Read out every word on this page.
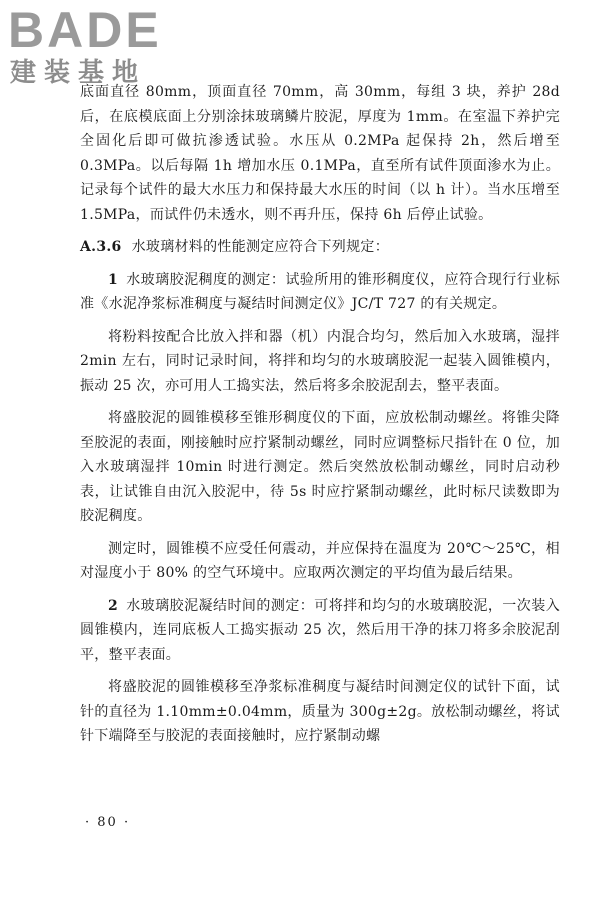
BADE
建装基地

底面直径 80mm，顶面直径 70mm，高 30mm，每组 3 块，养护 28d 后，在底模底面上分别涂抹玻璃鳞片胶泥，厚度为 1mm。在室温下养护完全固化后即可做抗渗透试验。水压从 0.2MPa 起保持 2h，然后增至 0.3MPa。以后每隔 1h 增加水压 0.1MPa，直至所有试件顶面渗水为止。记录每个试件的最大水压力和保持最大水压的时间（以 h 计）。当水压增至 1.5MPa，而试件仍未透水，则不再升压，保持 6h 后停止试验。

A.3.6 水玻璃材料的性能测定应符合下列规定：

1 水玻璃胶泥稠度的测定：试验所用的锥形稠度仪，应符合现行行业标准《水泥净浆标准稠度与凝结时间测定仪》JC/T 727 的有关规定。

将粉料按配合比放入拌和器（机）内混合均匀，然后加入水玻璃，湿拌 2min 左右，同时记录时间，将拌和均匀的水玻璃胶泥一起装入圆锥模内，振动 25 次，亦可用人工捣实法，然后将多余胶泥刮去，整平表面。

将盛胶泥的圆锥模移至锥形稠度仪的下面，应放松制动螺丝。将锥尖降至胶泥的表面，刚接触时应拧紧制动螺丝，同时应调整标尺指针在 0 位，加入水玻璃湿拌 10min 时进行测定。然后突然放松制动螺丝，同时启动秒表，让试锥自由沉入胶泥中，待 5s 时应拧紧制动螺丝，此时标尺读数即为胶泥稠度。

测定时，圆锥模不应受任何震动，并应保持在温度为 20℃～25℃，相对湿度小于 80% 的空气环境中。应取两次测定的平均值为最后结果。

2 水玻璃胶泥凝结时间的测定：可将拌和均匀的水玻璃胶泥，一次装入圆锥模内，连同底板人工捣实振动 25 次，然后用干净的抹刀将多余胶泥刮平，整平表面。

将盛胶泥的圆锥模移至净浆标准稠度与凝结时间测定仪的试针下面，试针的直径为 1.10mm±0.04mm，质量为 300g±2g。放松制动螺丝，将试针下端降至与胶泥的表面接触时，应拧紧制动螺

· 80 ·
